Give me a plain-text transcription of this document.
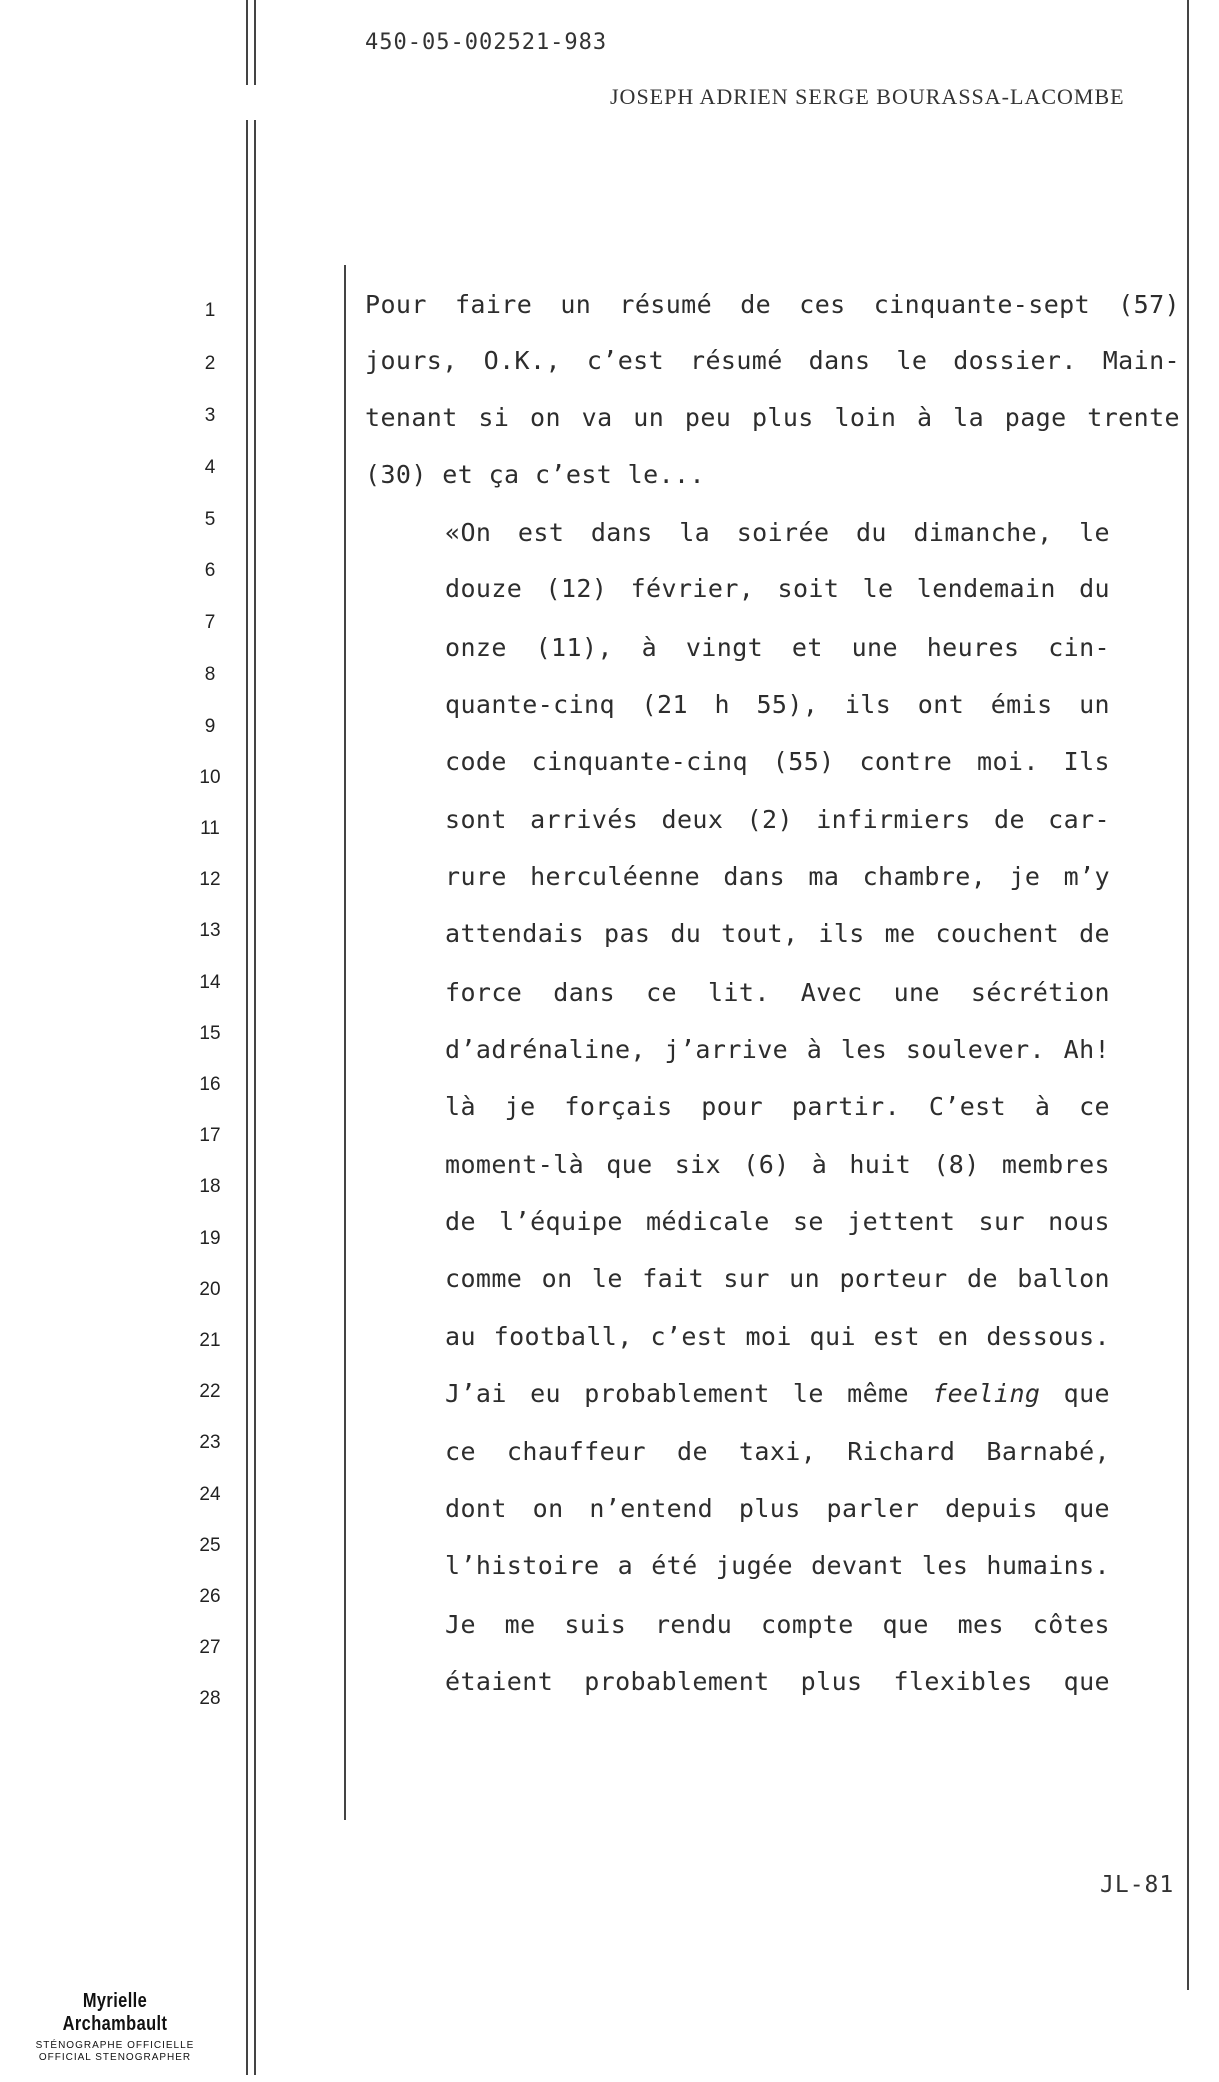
450-05-002521-983
JOSEPH ADRIEN SERGE BOURASSA-LACOMBE
1
2
3
4
5
6
7
8
9
10
11
12
13
14
15
16
17
18
19
20
21
22
23
24
25
26
27
28
Pour faire un résumé de ces cinquante-sept (57)
jours, O.K., c’est résumé dans le dossier. Main-
tenant si on va un peu plus loin à la page trente
(30) et ça c’est le...
«On est dans la soirée du dimanche, le
douze (12) février, soit le lendemain du
onze (11), à vingt et une heures cin-
quante-cinq (21 h 55), ils ont émis un
code cinquante-cinq (55) contre moi. Ils
sont arrivés deux (2) infirmiers de car-
rure herculéenne dans ma chambre, je m’y
attendais pas du tout, ils me couchent de
force dans ce lit. Avec une sécrétion
d’adrénaline, j’arrive à les soulever. Ah!
là je forçais pour partir. C’est à ce
moment-là que six (6) à huit (8) membres
de l’équipe médicale se jettent sur nous
comme on le fait sur un porteur de ballon
au football, c’est moi qui est en dessous.
J’ai eu probablement le même feeling que
ce chauffeur de taxi, Richard Barnabé,
dont on n’entend plus parler depuis que
l’histoire a été jugée devant les humains.
Je me suis rendu compte que mes côtes
étaient probablement plus flexibles que
JL-81
Myrielle Archambault
STÉNOGRAPHE OFFICIELLE
OFFICIAL STENOGRAPHER
